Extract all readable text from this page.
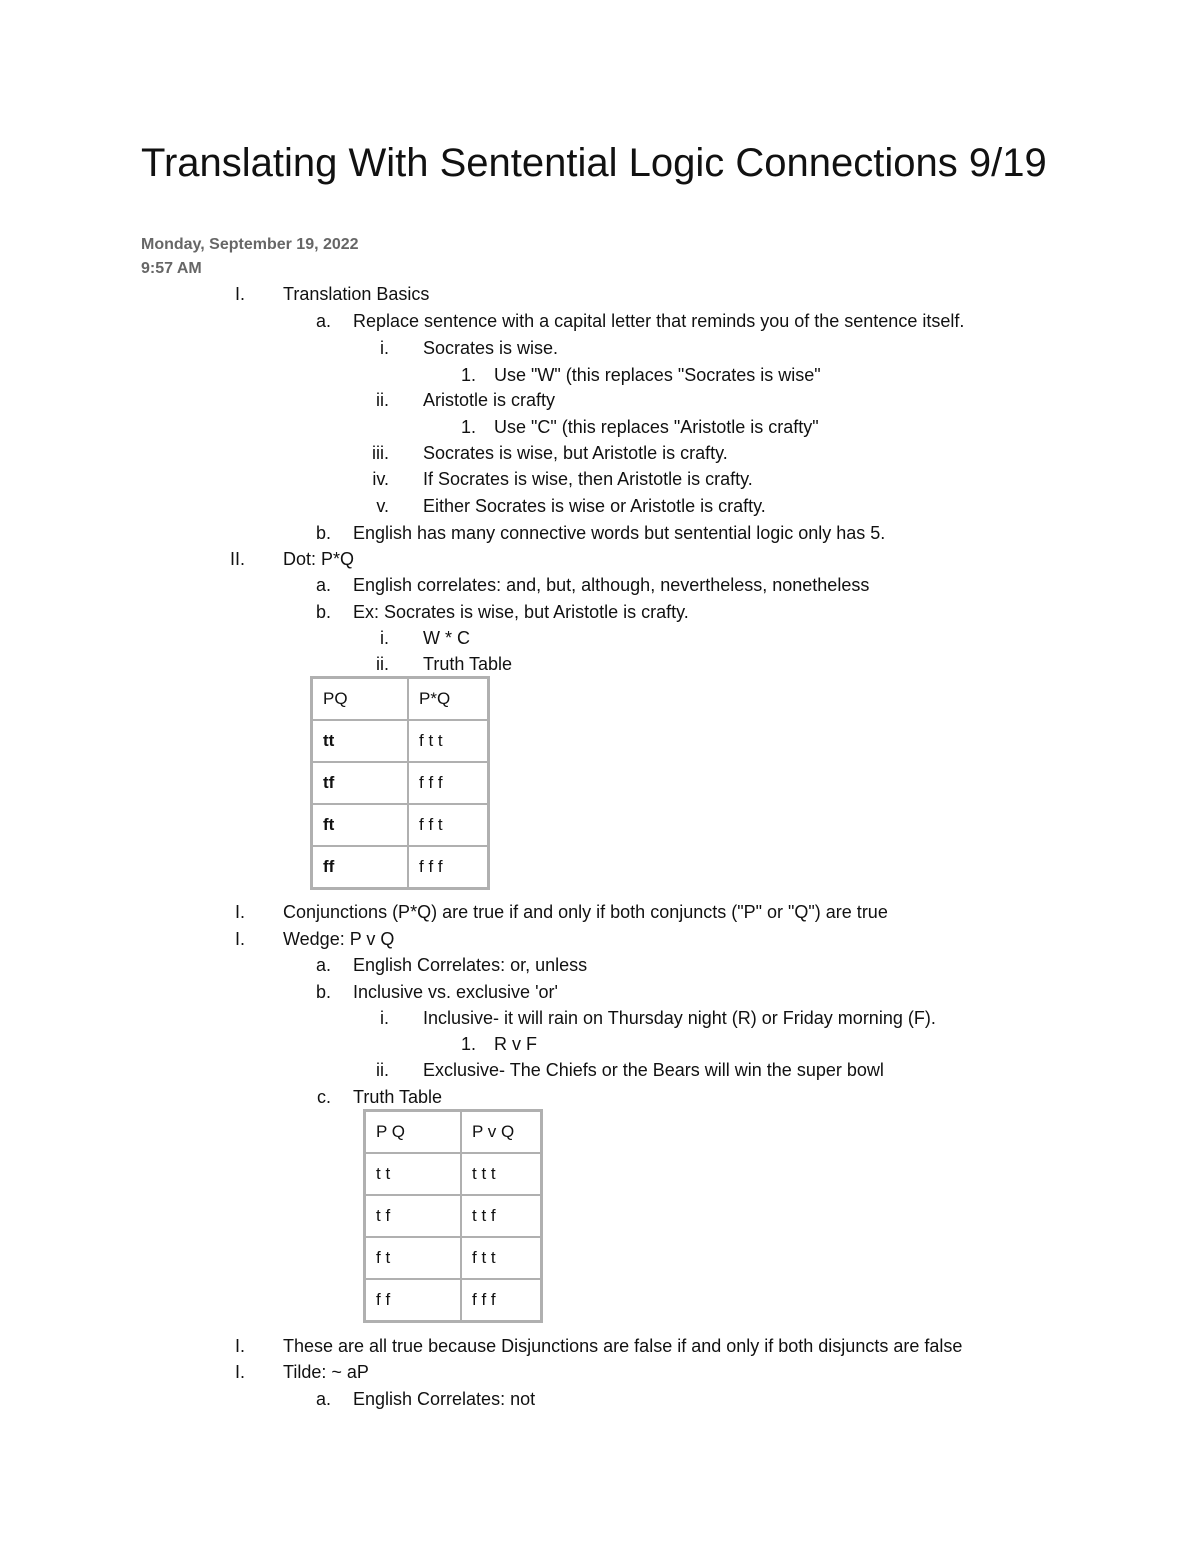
Translating With Sentential Logic Connections 9/19
Monday, September 19, 2022
9:57 AM
I. Translation Basics
a. Replace sentence with a capital letter that reminds you of the sentence itself.
i. Socrates is wise.
1. Use "W" (this replaces "Socrates is wise"
ii. Aristotle is crafty
1. Use "C" (this replaces "Aristotle is crafty"
iii. Socrates is wise, but Aristotle is crafty.
iv. If Socrates is wise, then Aristotle is crafty.
v. Either Socrates is wise or Aristotle is crafty.
b. English has many connective words but sentential logic only has 5.
II. Dot: P*Q
a. English correlates: and, but, although, nevertheless, nonetheless
b. Ex: Socrates is wise, but Aristotle is crafty.
i. W * C
ii. Truth Table
PQ	P*Q
tt	f t t
tf	f f f
ft	f f t
ff	f f f
I. Conjunctions (P*Q) are true if and only if both conjuncts ("P" or "Q") are true
I. Wedge: P v Q
a. English Correlates: or, unless
b. Inclusive vs. exclusive 'or'
i. Inclusive- it will rain on Thursday night (R) or Friday morning (F).
1. R v F
ii. Exclusive- The Chiefs or the Bears will win the super bowl
c. Truth Table
P Q	P v Q
t t	t t t
t f	t t f
f t	f t t
f f	f f f
I. These are all true because Disjunctions are false if and only if both disjuncts are false
I. Tilde: ~ aP
a. English Correlates: not
